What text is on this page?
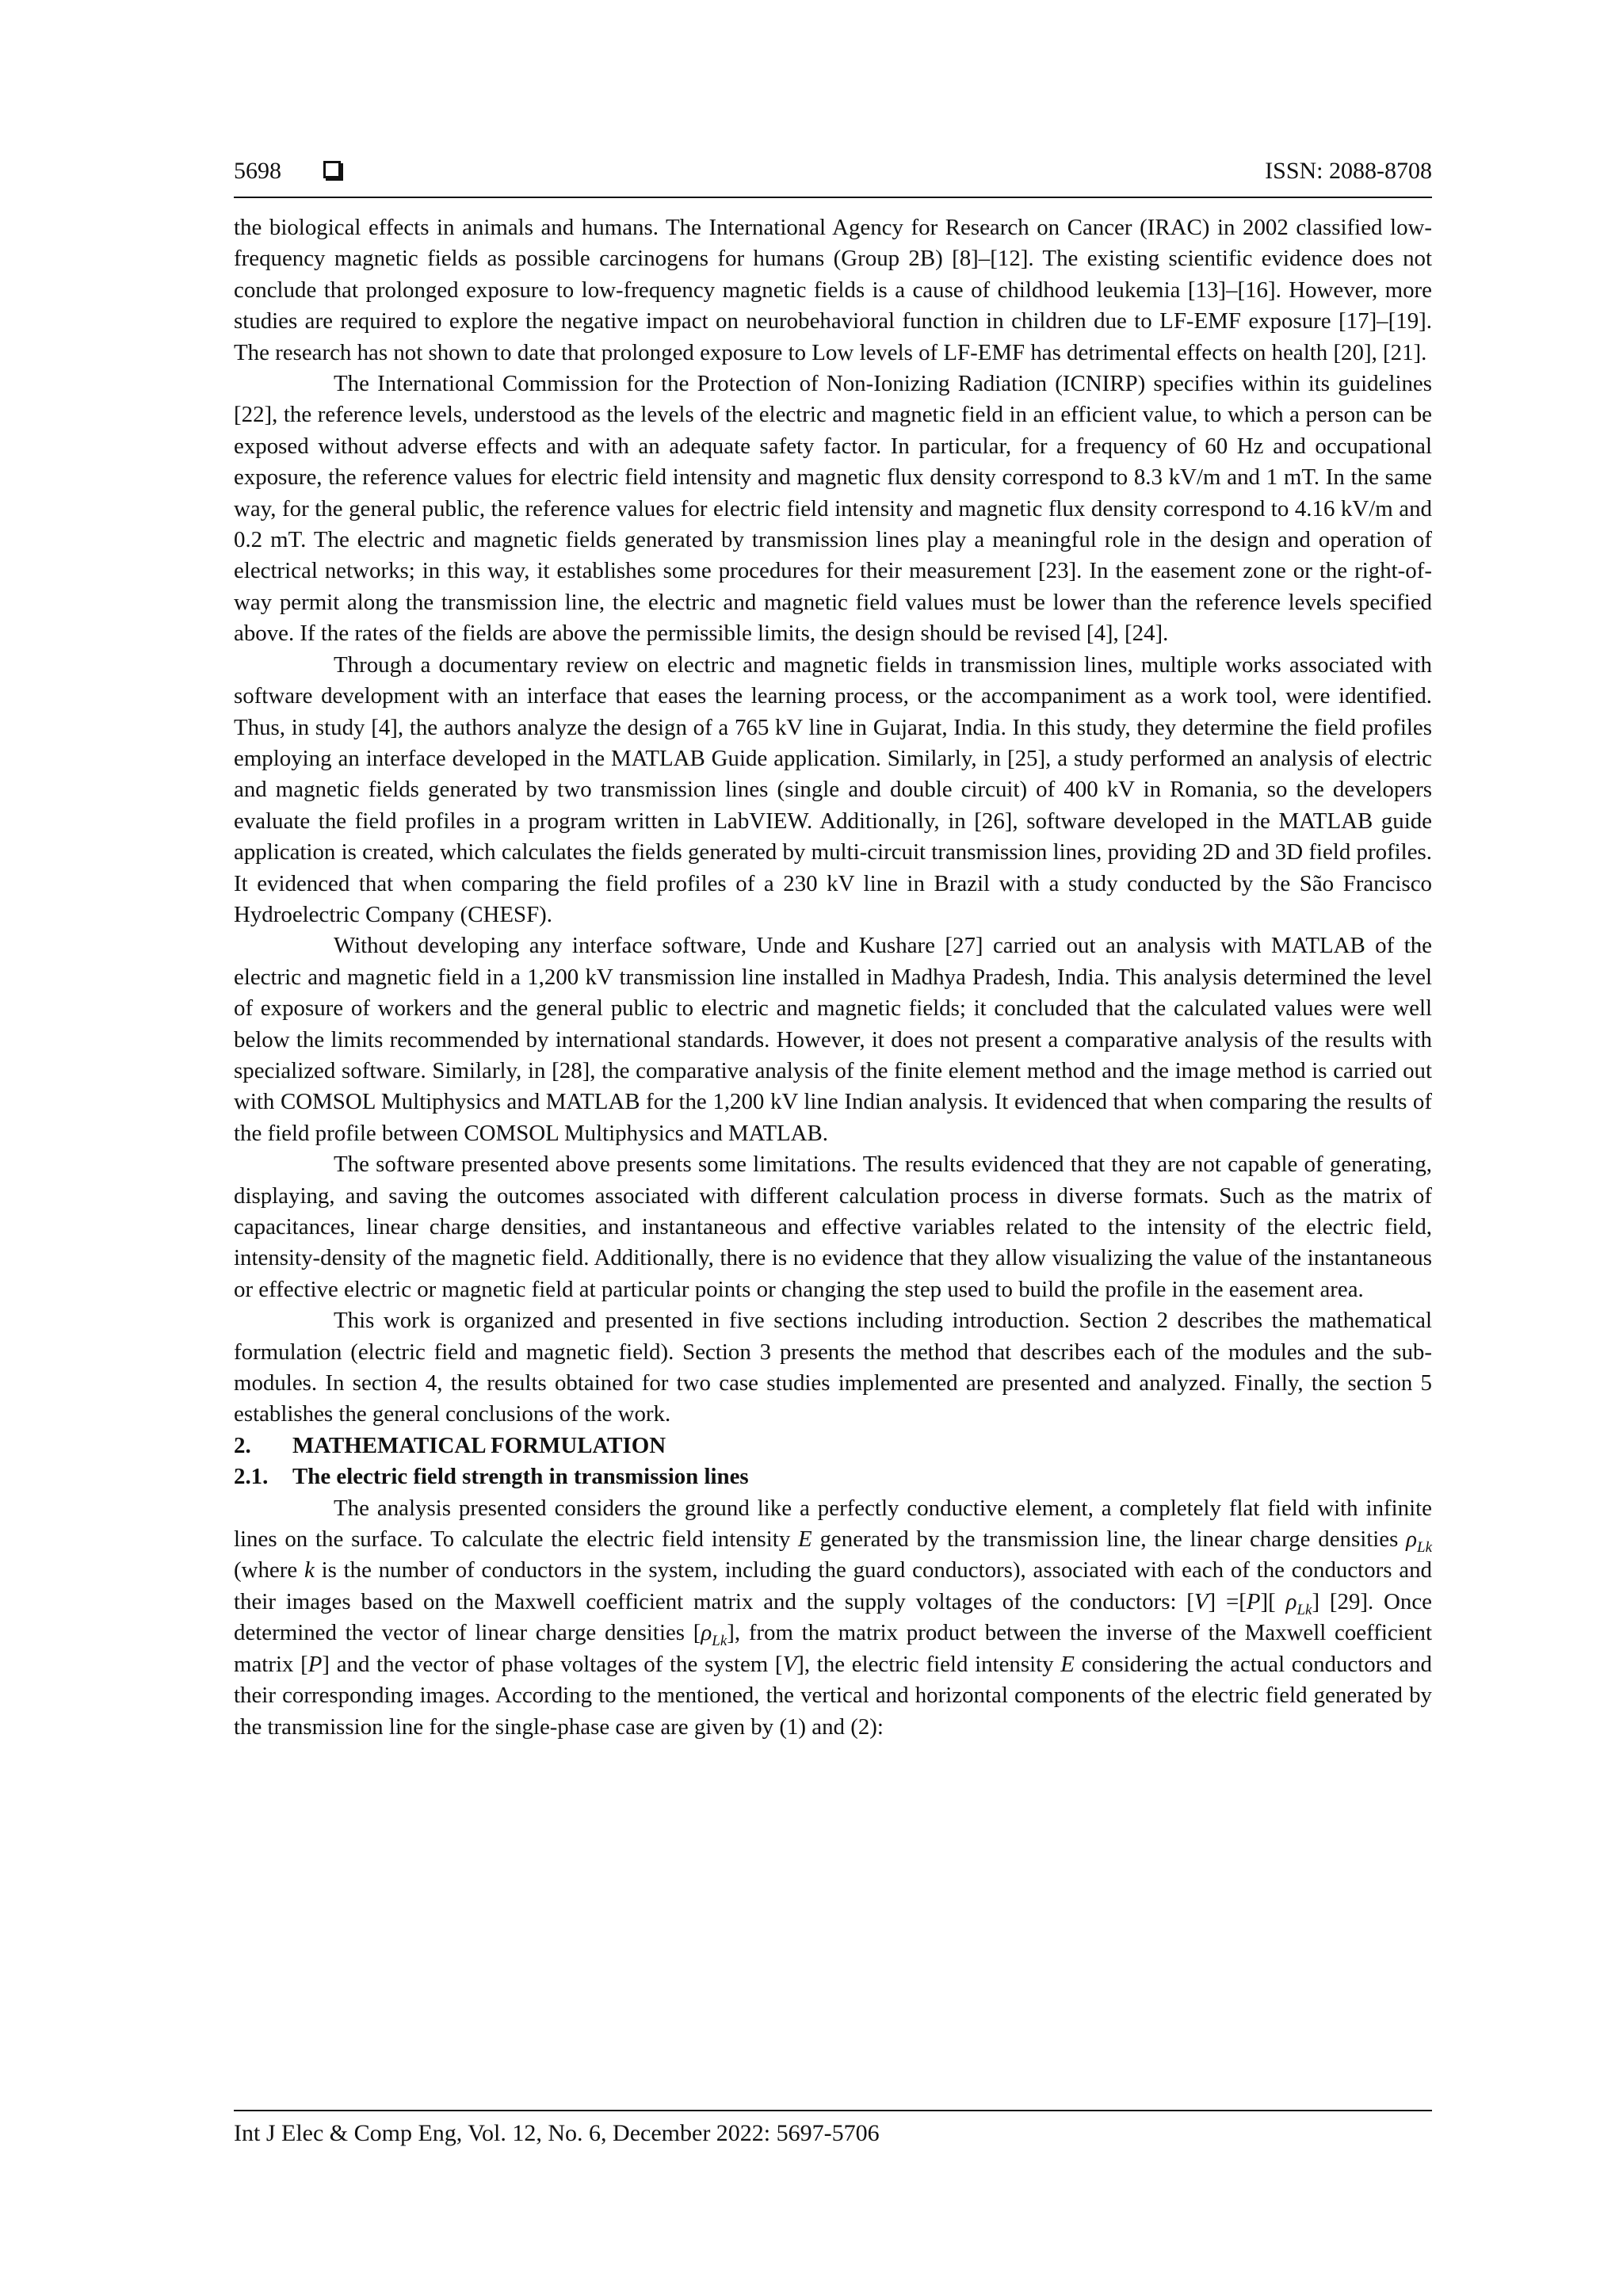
5698	ISSN: 2088-8708

the biological effects in animals and humans. The International Agency for Research on Cancer (IRAC) in 2002 classified low-frequency magnetic fields as possible carcinogens for humans (Group 2B) [8]–[12]. The existing scientific evidence does not conclude that prolonged exposure to low-frequency magnetic fields is a cause of childhood leukemia [13]–[16]. However, more studies are required to explore the negative impact on neurobehavioral function in children due to LF-EMF exposure [17]–[19]. The research has not shown to date that prolonged exposure to Low levels of LF-EMF has detrimental effects on health [20], [21].

The International Commission for the Protection of Non-Ionizing Radiation (ICNIRP) specifies within its guidelines [22], the reference levels, understood as the levels of the electric and magnetic field in an efficient value, to which a person can be exposed without adverse effects and with an adequate safety factor. In particular, for a frequency of 60 Hz and occupational exposure, the reference values for electric field intensity and magnetic flux density correspond to 8.3 kV/m and 1 mT. In the same way, for the general public, the reference values for electric field intensity and magnetic flux density correspond to 4.16 kV/m and 0.2 mT. The electric and magnetic fields generated by transmission lines play a meaningful role in the design and operation of electrical networks; in this way, it establishes some procedures for their measurement [23]. In the easement zone or the right-of-way permit along the transmission line, the electric and magnetic field values must be lower than the reference levels specified above. If the rates of the fields are above the permissible limits, the design should be revised [4], [24].

Through a documentary review on electric and magnetic fields in transmission lines, multiple works associated with software development with an interface that eases the learning process, or the accompaniment as a work tool, were identified. Thus, in study [4], the authors analyze the design of a 765 kV line in Gujarat, India. In this study, they determine the field profiles employing an interface developed in the MATLAB Guide application. Similarly, in [25], a study performed an analysis of electric and magnetic fields generated by two transmission lines (single and double circuit) of 400 kV in Romania, so the developers evaluate the field profiles in a program written in LabVIEW. Additionally, in [26], software developed in the MATLAB guide application is created, which calculates the fields generated by multi-circuit transmission lines, providing 2D and 3D field profiles. It evidenced that when comparing the field profiles of a 230 kV line in Brazil with a study conducted by the São Francisco Hydroelectric Company (CHESF).

Without developing any interface software, Unde and Kushare [27] carried out an analysis with MATLAB of the electric and magnetic field in a 1,200 kV transmission line installed in Madhya Pradesh, India. This analysis determined the level of exposure of workers and the general public to electric and magnetic fields; it concluded that the calculated values were well below the limits recommended by international standards. However, it does not present a comparative analysis of the results with specialized software. Similarly, in [28], the comparative analysis of the finite element method and the image method is carried out with COMSOL Multiphysics and MATLAB for the 1,200 kV line Indian analysis. It evidenced that when comparing the results of the field profile between COMSOL Multiphysics and MATLAB.

The software presented above presents some limitations. The results evidenced that they are not capable of generating, displaying, and saving the outcomes associated with different calculation process in diverse formats. Such as the matrix of capacitances, linear charge densities, and instantaneous and effective variables related to the intensity of the electric field, intensity-density of the magnetic field. Additionally, there is no evidence that they allow visualizing the value of the instantaneous or effective electric or magnetic field at particular points or changing the step used to build the profile in the easement area.

This work is organized and presented in five sections including introduction. Section 2 describes the mathematical formulation (electric field and magnetic field). Section 3 presents the method that describes each of the modules and the sub-modules. In section 4, the results obtained for two case studies implemented are presented and analyzed. Finally, the section 5 establishes the general conclusions of the work.

2. MATHEMATICAL FORMULATION

2.1. The electric field strength in transmission lines

The analysis presented considers the ground like a perfectly conductive element, a completely flat field with infinite lines on the surface. To calculate the electric field intensity E generated by the transmission line, the linear charge densities $\rho_{Lk}$ (where k is the number of conductors in the system, including the guard conductors), associated with each of the conductors and their images based on the Maxwell coefficient matrix and the supply voltages of the conductors: [V] =[P][ $\rho_{Lk}$] [29]. Once determined the vector of linear charge densities $[\rho_{Lk}]$, from the matrix product between the inverse of the Maxwell coefficient matrix [P] and the vector of phase voltages of the system [V], the electric field intensity E considering the actual conductors and their corresponding images. According to the mentioned, the vertical and horizontal components of the electric field generated by the transmission line for the single-phase case are given by (1) and (2):

Int J Elec & Comp Eng, Vol. 12, No. 6, December 2022: 5697-5706
